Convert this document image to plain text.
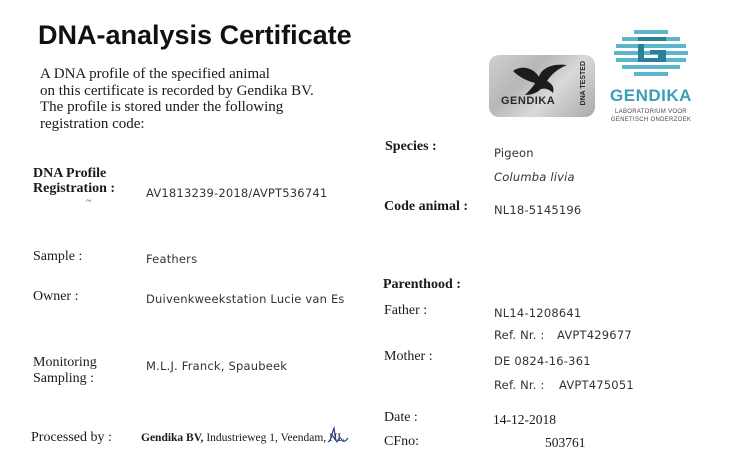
DNA-analysis Certificate
A DNA profile of the specified animal
on this certificate is recorded by Gendika BV.
The profile is stored under the following
registration code:
GENDIKA	DNA TESTED GENDIKA
LABORATORIUM VOOR
GENETISCH ONDERZOEK
DNA Profile
Registration :
~
AV1813239-2018/AVPT536741
Sample :	Feathers
Owner :	Duivenkweekstation Lucie van Es
Monitoring
Sampling :
M.L.J. Franck, Spaubeek
Processed by :	Gendika BV, Industrieweg 1, Veendam, NL
Species :	Pigeon
Columba livia
Code animal : NL18-5145196
Parenthood :
Father :	NL14-1208641
Ref. Nr. : AVPT429677
Mother :	DE 0824-16-361
Ref. Nr. : AVPT475051
Date :	14-12-2018
CFno:	503761
